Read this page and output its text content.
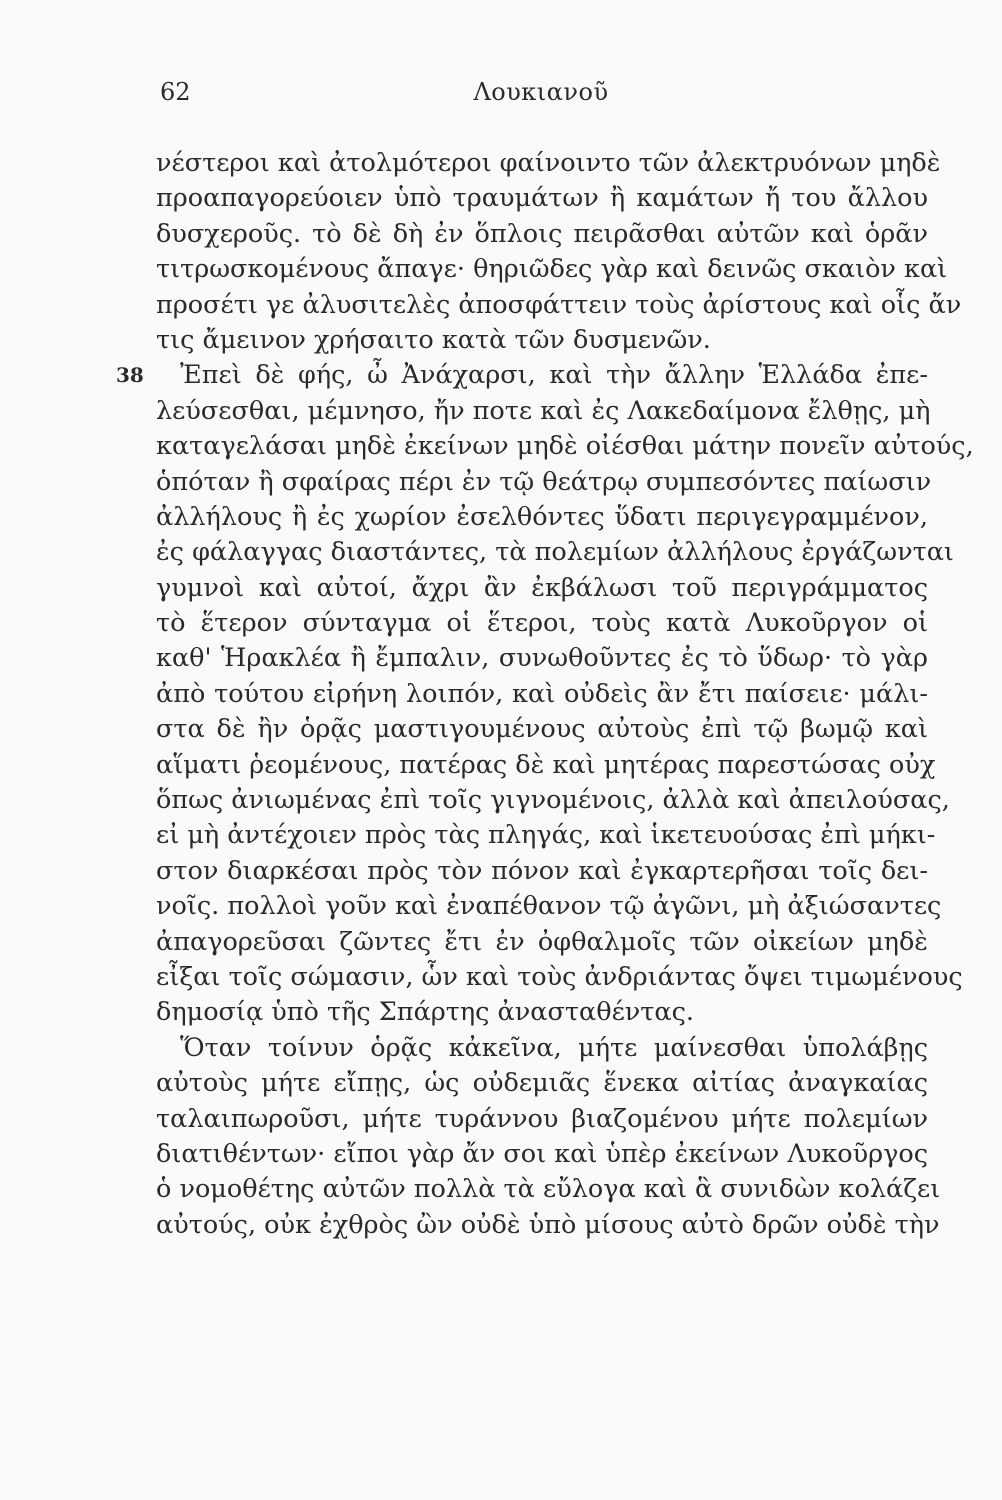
62	Λουκιανοῦ
νέστεροι καὶ ἀτολμότεροι φαίνοιντο τῶν ἀλεκτρυόνων μηδὲ
προαπαγορεύοιεν ὑπὸ τραυμάτων ἢ καμάτων ἤ του ἄλλου
δυσχεροῦς. τὸ δὲ δὴ ἐν ὅπλοις πειρᾶσθαι αὐτῶν καὶ ὁρᾶν
τιτρωσκομένους ἄπαγε· θηριῶδες γὰρ καὶ δεινῶς σκαιὸν καὶ
προσέτι γε ἀλυσιτελὲς ἀποσφάττειν τοὺς ἀρίστους καὶ οἷς ἄν
τις ἄμεινον χρήσαιτο κατὰ τῶν δυσμενῶν.
38 Ἐπεὶ δὲ φής, ὦ Ἀνάχαρσι, καὶ τὴν ἄλλην Ἑλλάδα ἐπε-
λεύσεσθαι, μέμνησο, ἤν ποτε καὶ ἐς Λακεδαίμονα ἔλθῃς, μὴ
καταγελάσαι μηδὲ ἐκείνων μηδὲ οἰέσθαι μάτην πονεῖν αὐτούς,
ὁπόταν ἢ σφαίρας πέρι ἐν τῷ θεάτρῳ συμπεσόντες παίωσιν
ἀλλήλους ἢ ἐς χωρίον ἐσελθόντες ὕδατι περιγεγραμμένον,
ἐς φάλαγγας διαστάντες, τὰ πολεμίων ἀλλήλους ἐργάζωνται
γυμνοὶ καὶ αὐτοί, ἄχρι ἂν ἐκβάλωσι τοῦ περιγράμματος
τὸ ἕτερον σύνταγμα οἱ ἕτεροι, τοὺς κατὰ Λυκοῦργον οἱ
καθ' Ἡρακλέα ἢ ἔμπαλιν, συνωθοῦντες ἐς τὸ ὕδωρ· τὸ γὰρ
ἀπὸ τούτου εἰρήνη λοιπόν, καὶ οὐδεὶς ἂν ἔτι παίσειε· μάλι-
στα δὲ ἢν ὁρᾷς μαστιγουμένους αὐτοὺς ἐπὶ τῷ βωμῷ καὶ
αἵματι ῥεομένους, πατέρας δὲ καὶ μητέρας παρεστώσας οὐχ
ὅπως ἀνιωμένας ἐπὶ τοῖς γιγνομένοις, ἀλλὰ καὶ ἀπειλούσας,
εἰ μὴ ἀντέχοιεν πρὸς τὰς πληγάς, καὶ ἱκετευούσας ἐπὶ μήκι-
στον διαρκέσαι πρὸς τὸν πόνον καὶ ἐγκαρτερῆσαι τοῖς δει-
νοῖς. πολλοὶ γοῦν καὶ ἐναπέθανον τῷ ἀγῶνι, μὴ ἀξιώσαντες
ἀπαγορεῦσαι ζῶντες ἔτι ἐν ὀφθαλμοῖς τῶν οἰκείων μηδὲ
εἶξαι τοῖς σώμασιν, ὧν καὶ τοὺς ἀνδριάντας ὄψει τιμωμένους
δημοσίᾳ ὑπὸ τῆς Σπάρτης ἀνασταθέντας.
Ὅταν τοίνυν ὁρᾷς κἀκεῖνα, μήτε μαίνεσθαι ὑπολάβῃς
αὐτοὺς μήτε εἴπῃς, ὡς οὐδεμιᾶς ἕνεκα αἰτίας ἀναγκαίας
ταλαιπωροῦσι, μήτε τυράννου βιαζομένου μήτε πολεμίων
διατιθέντων· εἴποι γὰρ ἄν σοι καὶ ὑπὲρ ἐκείνων Λυκοῦργος
ὁ νομοθέτης αὐτῶν πολλὰ τὰ εὔλογα καὶ ἃ συνιδὼν κολάζει
αὐτούς, οὐκ ἐχθρὸς ὢν οὐδὲ ὑπὸ μίσους αὐτὸ δρῶν οὐδὲ τὴν
